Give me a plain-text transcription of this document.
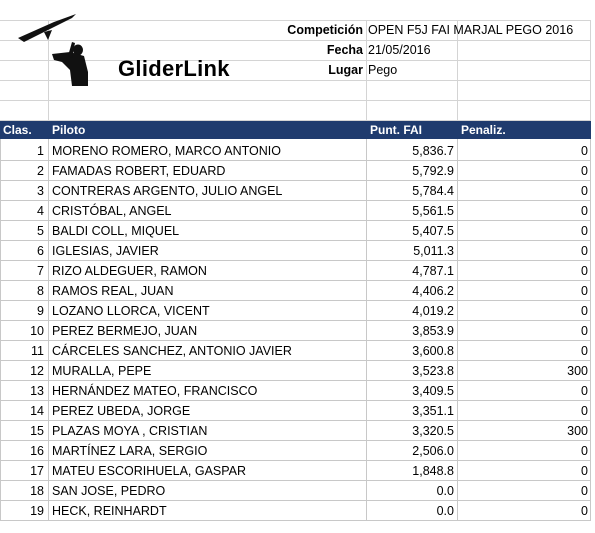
GliderLink
Competición OPEN F5J FAI MARJAL PEGO 2016
Fecha 21/05/2016
Lugar Pego
Clas.	Piloto	Punt. FAI	Penaliz.
1 MORENO ROMERO, MARCO ANTONIO	5,836.7	0
2 FAMADAS ROBERT, EDUARD	5,792.9	0
3 CONTRERAS ARGENTO, JULIO ANGEL	5,784.4	0
4 CRISTÓBAL, ANGEL	5,561.5	0
5 BALDI COLL, MIQUEL	5,407.5	0
6 IGLESIAS, JAVIER	5,011.3	0
7 RIZO ALDEGUER, RAMON	4,787.1	0
8 RAMOS REAL, JUAN	4,406.2	0
9 LOZANO LLORCA, VICENT	4,019.2	0
10 PEREZ BERMEJO, JUAN	3,853.9	0
11 CÁRCELES SANCHEZ, ANTONIO JAVIER	3,600.8	0
12 MURALLA, PEPE	3,523.8	300
13 HERNÁNDEZ MATEO, FRANCISCO	3,409.5	0
14 PEREZ UBEDA, JORGE	3,351.1	0
15 PLAZAS MOYA , CRISTIAN	3,320.5	300
16 MARTÍNEZ LARA, SERGIO	2,506.0	0
17 MATEU ESCORIHUELA, GASPAR	1,848.8	0
18 SAN JOSE, PEDRO	0.0	0
19 HECK, REINHARDT	0.0	0
